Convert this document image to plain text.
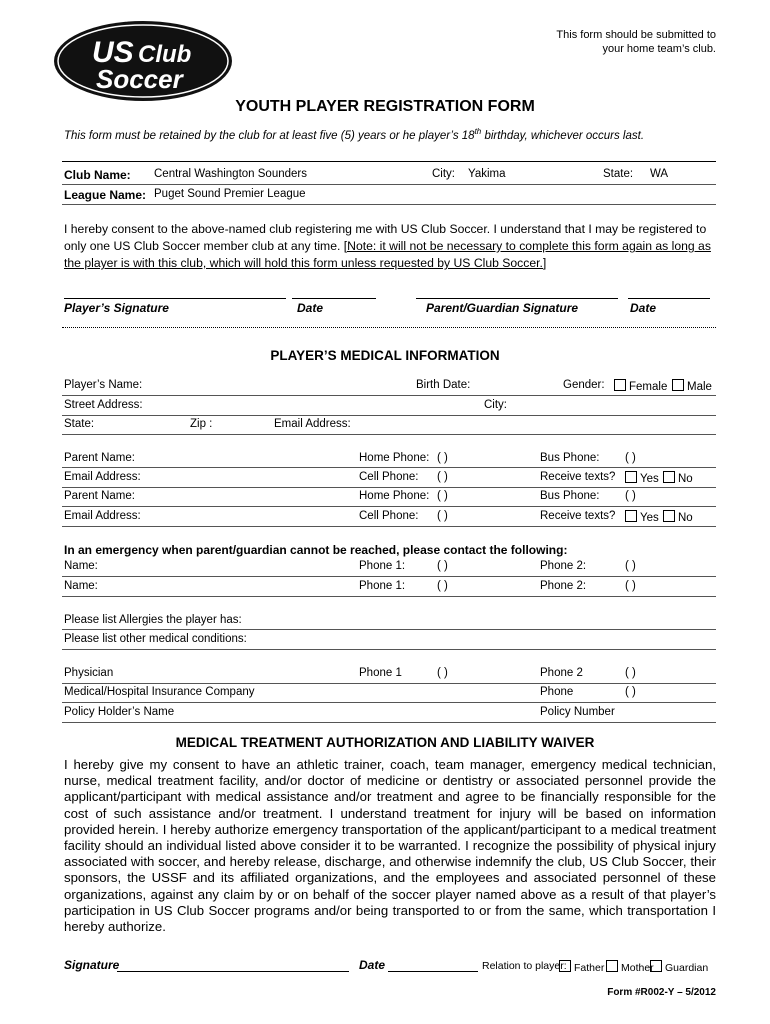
US Club
Soccer
This form should be submitted to your home team’s club.
YOUTH PLAYER REGISTRATION FORM
This form must be retained by the club for at least five (5) years or he player’s 18th birthday, whichever occurs last.
Club Name: Central Washington Sounders	City: Yakima	State: WA
League Name: Puget Sound Premier League
I hereby consent to the above-named club registering me with US Club Soccer. I understand that I may be registered to only one US Club Soccer member club at any time. [Note: it will not be necessary to complete this form again as long as the player is with this club, which will hold this form unless requested by US Club Soccer.]
Player’s Signature	Date	Parent/Guardian Signature	Date
PLAYER’S MEDICAL INFORMATION
Player’s Name:	Birth Date:	Gender:	Female	Male
Street Address:	City:
State:	Zip :	Email Address:
Parent Name:	Home Phone: ( )	Bus Phone: ( )
Email Address:	Cell Phone: ( )	Receive texts?	Yes	No
Parent Name:	Home Phone: ( )	Bus Phone: ( )
Email Address:	Cell Phone: ( )	Receive texts?	Yes	No
In an emergency when parent/guardian cannot be reached, please contact the following:
Name:	Phone 1:	( )	Phone 2:	( )
Name:	Phone 1:	( )	Phone 2:	( )
Please list Allergies the player has:
Please list other medical conditions:
Physician	Phone 1	( )	Phone 2	( )
Medical/Hospital Insurance Company	Phone	( )
Policy Holder’s Name	Policy Number
MEDICAL TREATMENT AUTHORIZATION AND LIABILITY WAIVER
I hereby give my consent to have an athletic trainer, coach, team manager, emergency medical technician, nurse, medical treatment facility, and/or doctor of medicine or dentistry or associated personnel provide the applicant/participant with medical assistance and/or treatment and agree to be financially responsible for the cost of such assistance and/or treatment. I understand treatment for injury will be based on information provided herein. I hereby authorize emergency transportation of the applicant/participant to a medical treatment facility should an individual listed above consider it to be warranted. I recognize the possibility of physical injury associated with soccer, and hereby release, discharge, and otherwise indemnify the club, US Club Soccer, their sponsors, the USSF and its affiliated organizations, and the employees and associated personnel of these organizations, against any claim by or on behalf of the soccer player named above as a result of that player’s participation in US Club Soccer programs and/or being transported to or from the same, which transportation I hereby authorize.
Signature	Date	Relation to player: Father	Mother	Guardian
Form #R002-Y – 5/2012
